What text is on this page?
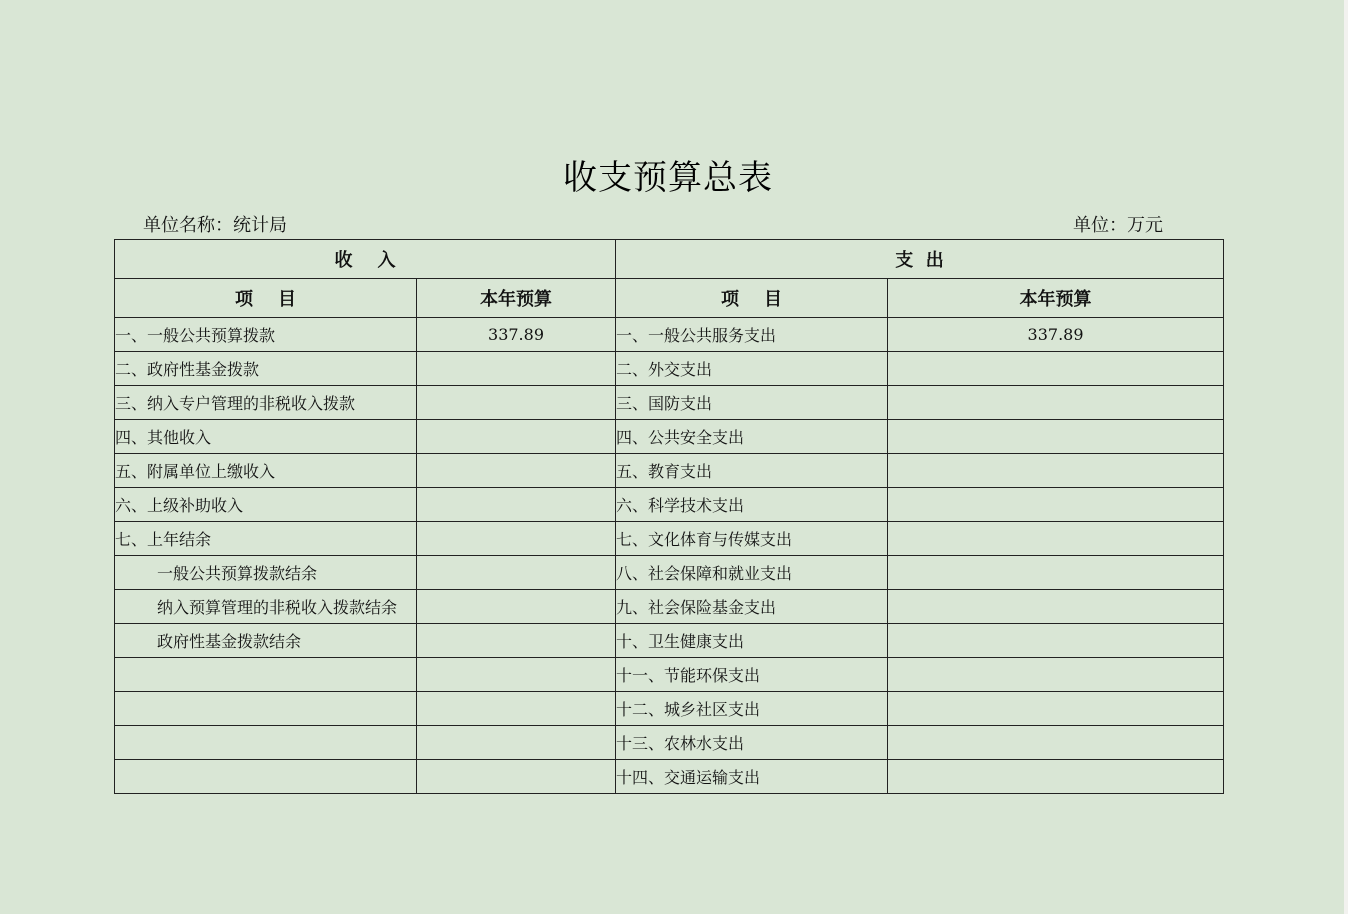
收支预算总表
单位名称：统计局	单位：万元
收    入		支  出	
项    目	本年预算	项    目	本年预算
一、一般公共预算拨款	337.89	一、一般公共服务支出	337.89
二、政府性基金拨款		二、外交支出	
三、纳入专户管理的非税收入拨款		三、国防支出	
四、其他收入		四、公共安全支出	
五、附属单位上缴收入		五、教育支出	
六、上级补助收入		六、科学技术支出	
七、上年结余		七、文化体育与传媒支出	
一般公共预算拨款结余		八、社会保障和就业支出	
纳入预算管理的非税收入拨款结余		九、社会保险基金支出	
政府性基金拨款结余		十、卫生健康支出	
		十一、节能环保支出	
		十二、城乡社区支出	
		十三、农林水支出	
		十四、交通运输支出	
